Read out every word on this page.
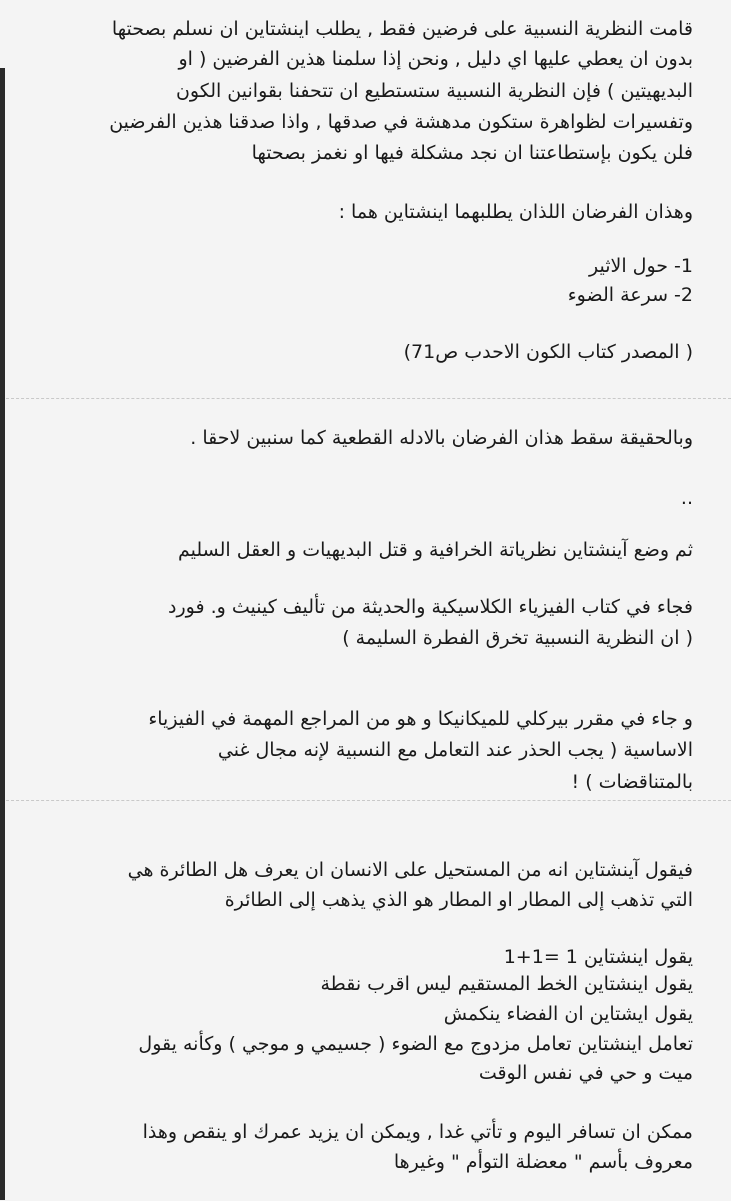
قامت النظرية النسبية على فرضين فقط , يطلب اينشتاين ان نسلم بصحتها
بدون ان يعطي عليها اي دليل , ونحن إذا سلمنا هذين الفرضين ( او
البديهيتين ) فإن النظرية النسبية ستستطيع ان تتحفنا بقوانين الكون
وتفسيرات لظواهرة ستكون مدهشة في صدقها , واذا صدقنا هذين الفرضين
فلن يكون بإستطاعتنا ان نجد مشكلة فيها او نغمز بصحتها
وهذان الفرضان اللذان يطلبهما اينشتاين هما :
1- حول الاثير
2- سرعة الضوء
( المصدر كتاب الكون الاحدب ص71)
وبالحقيقة سقط هذان الفرضان بالادله القطعية كما سنبين لاحقا .
..
ثم وضع آينشتاين نظرياتة الخرافية و قتل البديهيات و العقل السليم
فجاء في كتاب الفيزياء الكلاسيكية والحديثة من تأليف كينيث و. فورد
( ان النظرية النسبية تخرق الفطرة السليمة )
و جاء في مقرر بيركلي للميكانيكا و هو من المراجع المهمة في الفيزياء
الاساسية ( يجب الحذر عند التعامل مع النسبية لإنه مجال غني
بالمتناقضات ) !
فيقول آينشتاين انه من المستحيل على الانسان ان يعرف هل الطائرة هي
التي تذهب إلى المطار او المطار هو الذي يذهب إلى الطائرة
يقول اينشتاين 1 =1+1
يقول اينشتاين الخط المستقيم ليس اقرب نقطة
يقول ايشتاين ان الفضاء ينكمش
تعامل اينشتاين تعامل مزدوج مع الضوء ( جسيمي و موجي ) وكأنه يقول
ميت و حي في نفس الوقت
ممكن ان تسافر اليوم و تأتي غدا , ويمكن ان يزيد عمرك او ينقص وهذا
معروف بأسم " معضلة التوأم " وغيرها
